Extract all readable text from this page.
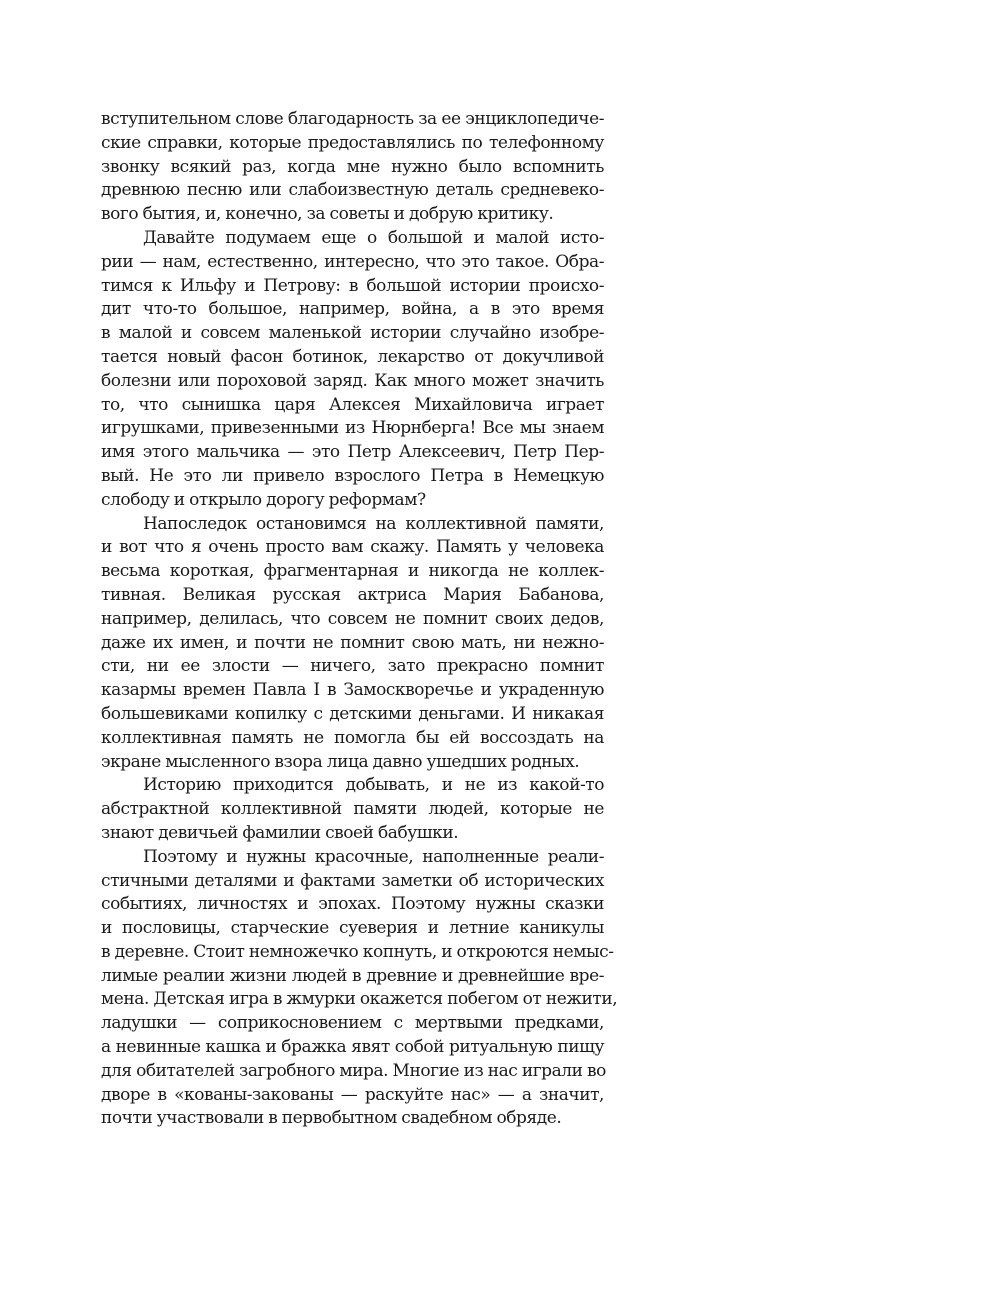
вступительном слове благодарность за ее энциклопедиче-
ские справки, которые предоставлялись по телефонному
звонку всякий раз, когда мне нужно было вспомнить
древнюю песню или слабоизвестную деталь средневеко-
вого бытия, и, конечно, за советы и добрую критику.

Давайте подумаем еще о большой и малой исто-
рии — нам, естественно, интересно, что это такое. Обра-
тимся к Ильфу и Петрову: в большой истории происхо-
дит что-то большое, например, война, а в это время
в малой и совсем маленькой истории случайно изобре-
тается новый фасон ботинок, лекарство от докучливой
болезни или пороховой заряд. Как много может значить
то, что сынишка царя Алексея Михайловича играет
игрушками, привезенными из Нюрнберга! Все мы знаем
имя этого мальчика — это Петр Алексеевич, Петр Пер-
вый. Не это ли привело взрослого Петра в Немецкую
слободу и открыло дорогу реформам?

Напоследок остановимся на коллективной памяти,
и вот что я очень просто вам скажу. Память у человека
весьма короткая, фрагментарная и никогда не коллек-
тивная. Великая русская актриса Мария Бабанова,
например, делилась, что совсем не помнит своих дедов,
даже их имен, и почти не помнит свою мать, ни нежно-
сти, ни ее злости — ничего, зато прекрасно помнит
казармы времен Павла I в Замоскворечье и украденную
большевиками копилку с детскими деньгами. И никакая
коллективная память не помогла бы ей воссоздать на
экране мысленного взора лица давно ушедших родных.

Историю приходится добывать, и не из какой-то
абстрактной коллективной памяти людей, которые не
знают девичьей фамилии своей бабушки.

Поэтому и нужны красочные, наполненные реали-
стичными деталями и фактами заметки об исторических
событиях, личностях и эпохах. Поэтому нужны сказки
и пословицы, старческие суеверия и летние каникулы
в деревне. Стоит немножечко копнуть, и откроются немыс-
лимые реалии жизни людей в древние и древнейшие вре-
мена. Детская игра в жмурки окажется побегом от нежити,
ладушки — соприкосновением с мертвыми предками,
а невинные кашка и бражка явят собой ритуальную пищу
для обитателей загробного мира. Многие из нас играли во
дворе в «кованы-закованы — раскуйте нас» — а значит,
почти участвовали в первобытном свадебном обряде.
